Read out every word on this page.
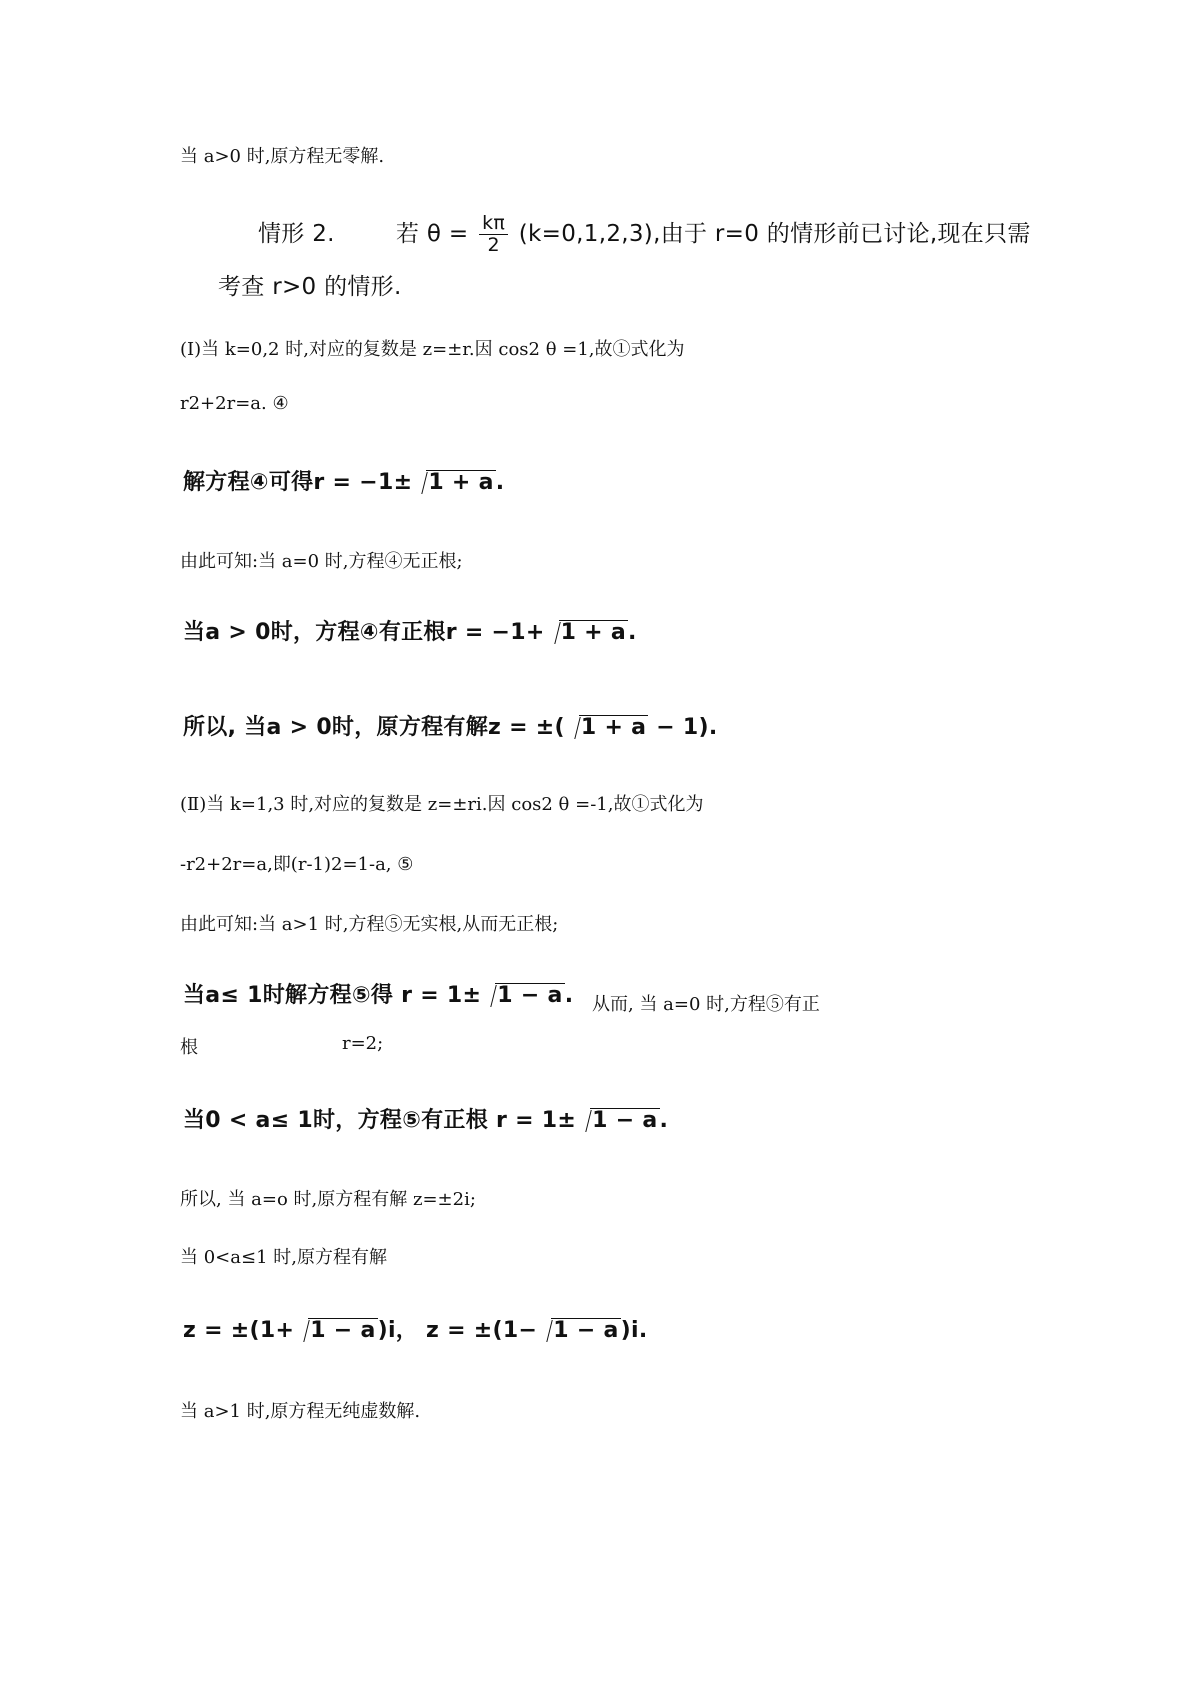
当 a>0 时,原方程无零解.
情形 2.	若 $\theta = \frac{k\pi}{2} (k=0,1,2,3)$,由于 r=0 的情形前已讨论,现在只需
考查 r>0 的情形.
(Ⅰ)当 k=0,2 时,对应的复数是 z=±r.因 cos2 θ =1,故①式化为
r2+2r=a. ④
解方程④可得r = −1± 1 + a.
由此可知:当 a=0 时,方程④无正根;
当a > 0时，方程④有正根r = −1+ 1 + a.
所以, 当a > 0时，原方程有解z = ±( 1 + a − 1).
(Ⅱ)当 k=1,3 时,对应的复数是 z=±ri.因 cos2 θ =-1,故①式化为
-r2+2r=a,即(r-1)2=1-a, ⑤
由此可知:当 a>1 时,方程⑤无实根,从而无正根;
当a≤ 1时解方程⑤得 r = 1± 1 − a. 从而, 当 a=0 时,方程⑤有正
根	r=2;
当0 < a≤ 1时，方程⑤有正根 r = 1± 1 − a.
所以, 当 a=o 时,原方程有解 z=±2i;
当 0<a≤1 时,原方程有解
z = ±(1+ 1 − a)i， z = ±(1− 1 − a)i.
当 a>1 时,原方程无纯虚数解.
